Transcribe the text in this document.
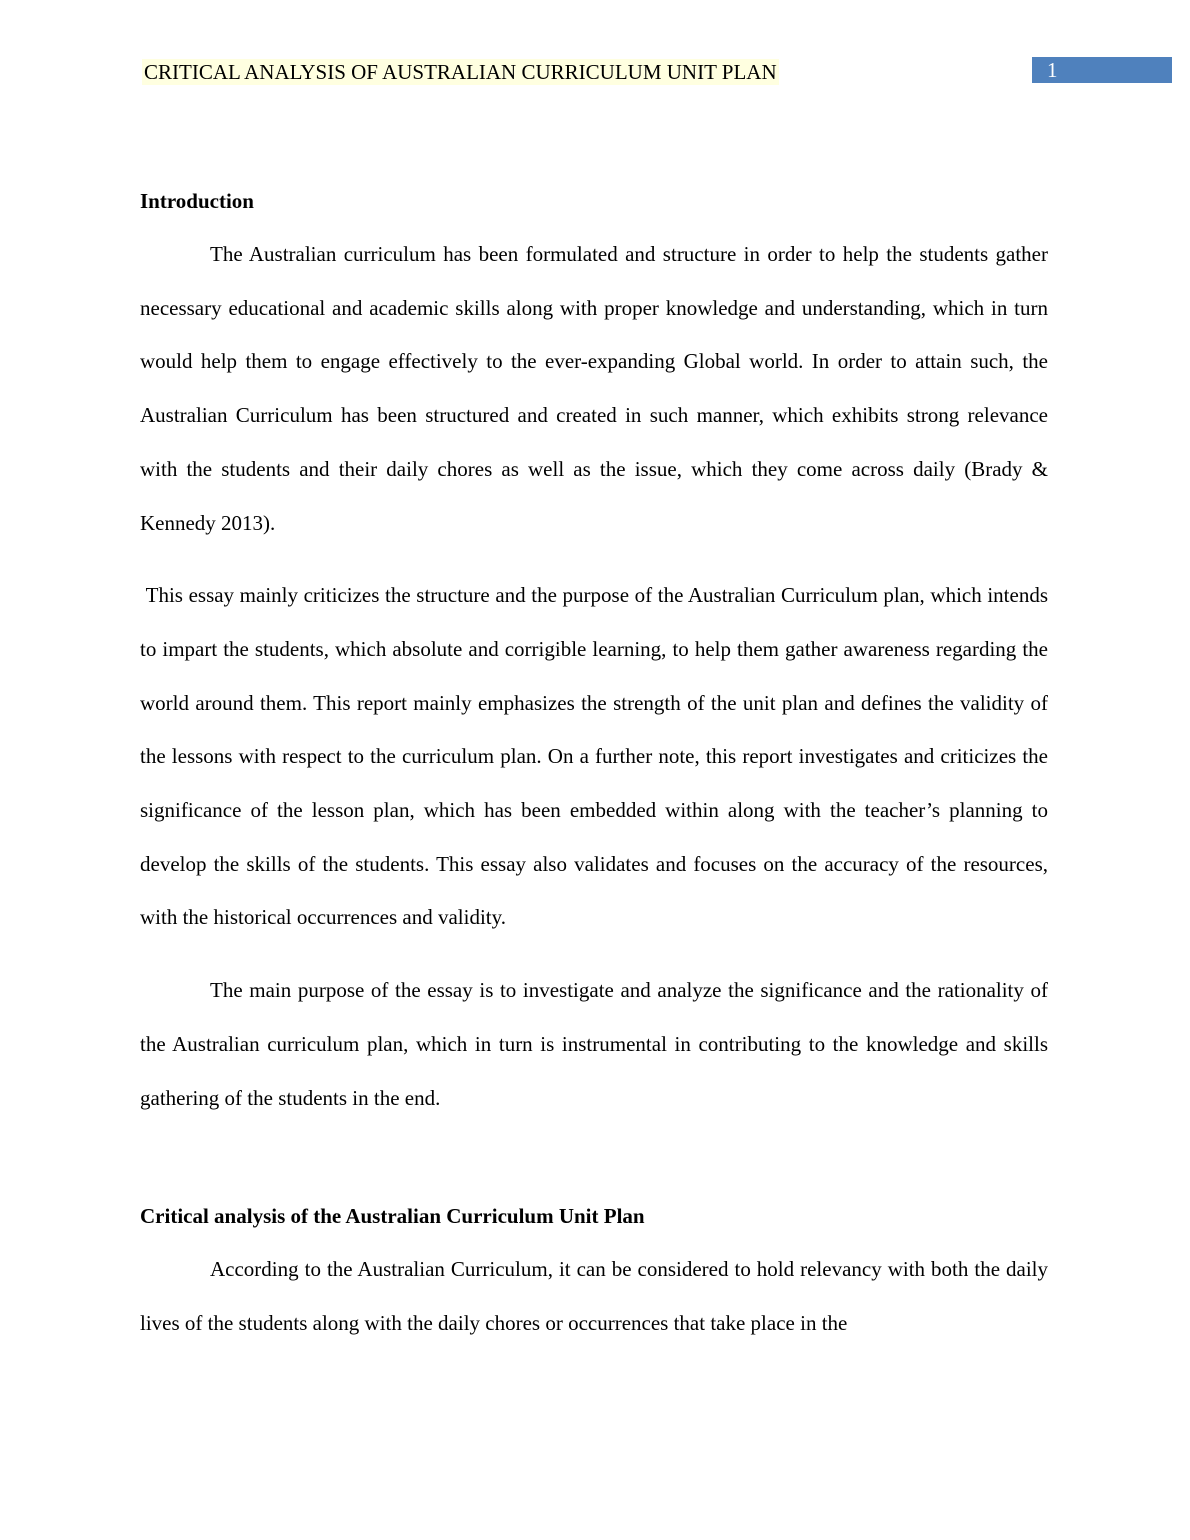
CRITICAL ANALYSIS OF AUSTRALIAN CURRICULUM UNIT PLAN	1
Introduction

The Australian curriculum has been formulated and structure in order to help the students gather necessary educational and academic skills along with proper knowledge and understanding, which in turn would help them to engage effectively to the ever-expanding Global world. In order to attain such, the Australian Curriculum has been structured and created in such manner, which exhibits strong relevance with the students and their daily chores as well as the issue, which they come across daily (Brady & Kennedy 2013).

This essay mainly criticizes the structure and the purpose of the Australian Curriculum plan, which intends to impart the students, which absolute and corrigible learning, to help them gather awareness regarding the world around them. This report mainly emphasizes the strength of the unit plan and defines the validity of the lessons with respect to the curriculum plan. On a further note, this report investigates and criticizes the significance of the lesson plan, which has been embedded within along with the teacher’s planning to develop the skills of the students. This essay also validates and focuses on the accuracy of the resources, with the historical occurrences and validity.

The main purpose of the essay is to investigate and analyze the significance and the rationality of the Australian curriculum plan, which in turn is instrumental in contributing to the knowledge and skills gathering of the students in the end.

Critical analysis of the Australian Curriculum Unit Plan

According to the Australian Curriculum, it can be considered to hold relevancy with both the daily lives of the students along with the daily chores or occurrences that take place in the
